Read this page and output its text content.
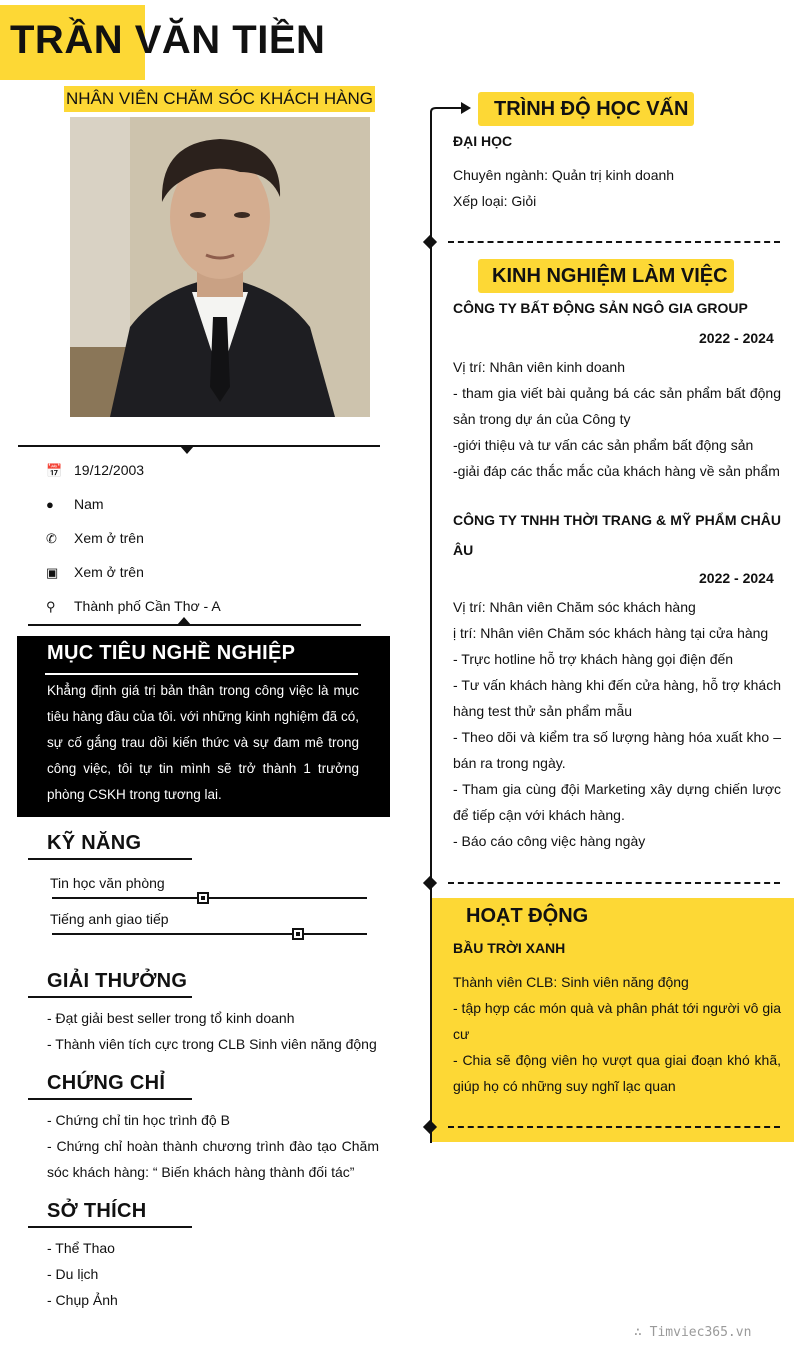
TRẦN VĂN TIỀN
NHÂN VIÊN CHĂM SÓC KHÁCH HÀNG
📅 19/12/2003
● Nam
✆ Xem ở trên
▣ Xem ở trên
⚲ Thành phố Cần Thơ - A
MỤC TIÊU NGHỀ NGHIỆP
Khẳng định giá trị bản thân trong công việc là mục tiêu hàng đầu của tôi. với những kinh nghiệm đã có, sự cố gắng trau dồi kiến thức và sự đam mê trong công việc, tôi tự tin mình sẽ trở thành 1 trưởng phòng CSKH trong tương lai.
KỸ NĂNG
Tin học văn phòng
Tiếng anh giao tiếp
GIẢI THƯỞNG
- Đạt giải best seller trong tổ kinh doanh
- Thành viên tích cực trong CLB Sinh viên năng động
CHỨNG CHỈ
- Chứng chỉ tin học trình độ B
- Chứng chỉ hoàn thành chương trình đào tạo Chăm sóc khách hàng: “ Biến khách hàng thành đối tác”
SỞ THÍCH
- Thể Thao
- Du lịch
- Chụp Ảnh
TRÌNH ĐỘ HỌC VẤN
ĐẠI HỌC
Chuyên ngành: Quản trị kinh doanh
Xếp loại: Giỏi
KINH NGHIỆM LÀM VIỆC
CÔNG TY BẤT ĐỘNG SẢN NGÔ GIA GROUP
2022 - 2024
Vị trí: Nhân viên kinh doanh
- tham gia viết bài quảng bá các sản phẩm bất động sản trong dự án của Công ty
-giới thiệu và tư vấn các sản phẩm bất động sản
-giải đáp các thắc mắc của khách hàng về sản phẩm
CÔNG TY TNHH THỜI TRANG & MỸ PHẨM CHÂU ÂU
2022 - 2024
Vị trí: Nhân viên Chăm sóc khách hàng
ị trí: Nhân viên Chăm sóc khách hàng tại cửa hàng
- Trực hotline hỗ trợ khách hàng gọi điện đến
- Tư vấn khách hàng khi đến cửa hàng, hỗ trợ khách hàng test thử sản phẩm mẫu
- Theo dõi và kiểm tra số lượng hàng hóa xuất kho – bán ra trong ngày.
- Tham gia cùng đội Marketing xây dựng chiến lược để tiếp cận với khách hàng.
- Báo cáo công việc hàng ngày
HOẠT ĐỘNG
BẦU TRỜI XANH
Thành viên CLB: Sinh viên năng động
- tập hợp các món quà và phân phát tới người vô gia cư
- Chia sẽ động viên họ vượt qua giai đoạn khó khã, giúp họ có những suy nghĩ lạc quan
∴ Timviec365.vn
